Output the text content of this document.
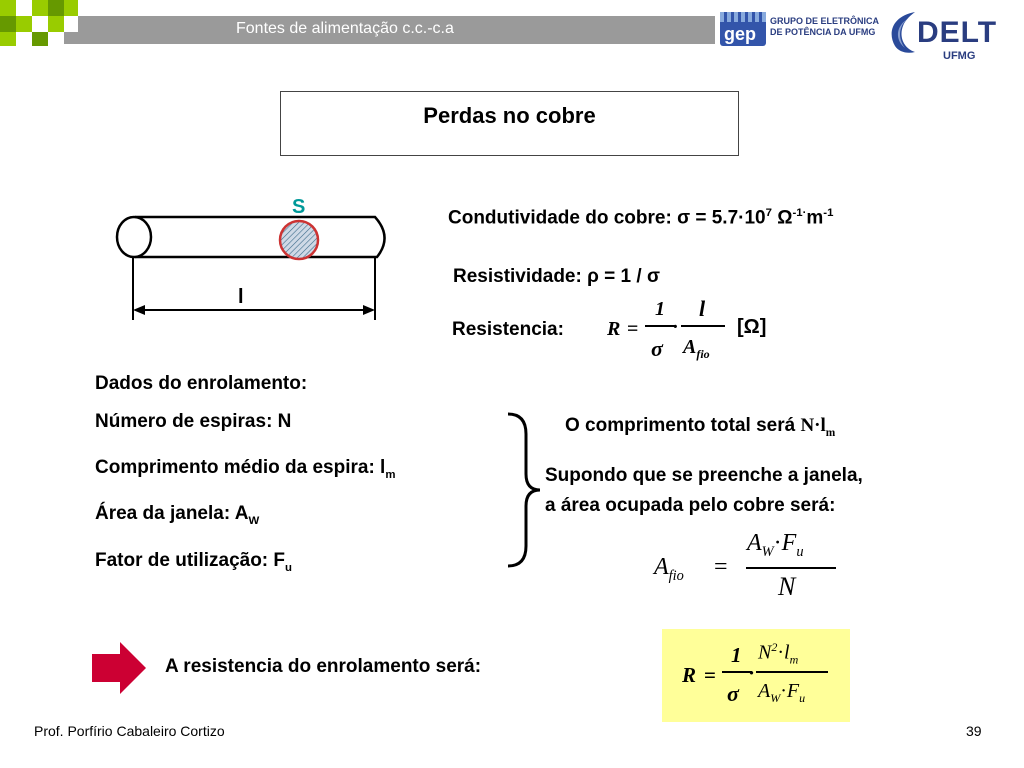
Fontes de alimentação c.c.-c.a	gep
GRUPO DE ELETRÔNICA
DE POTÊNCIA DA UFMG DELT
UFMG
Perdas no cobre
S
l
Condutividade do cobre: $\sigma = 5.7\cdot 10^7$ $\Omega^{-1\cdot}m^{-1}$
Resistividade: ρ = 1 / σ
Resistencia: R =
1
σ
·
l
$A_{fio}$
[Ω]
Dados do enrolamento:
Número de espiras: N
Comprimento médio da espira: $l_m$
Área da janela: $A_W$
Fator de utilização: $F_u$
O comprimento total será $N\cdot l_m$
Supondo que se preenche a janela,
a área ocupada pelo cobre será:
$A_{fio}$ =
$A_W\cdot F_u$
N
A resistencia do enrolamento será:	R =
1
σ
·
$N^2\cdot l_m$
$A_W\cdot F_u$
Prof. Porfírio Cabaleiro Cortizo	39
